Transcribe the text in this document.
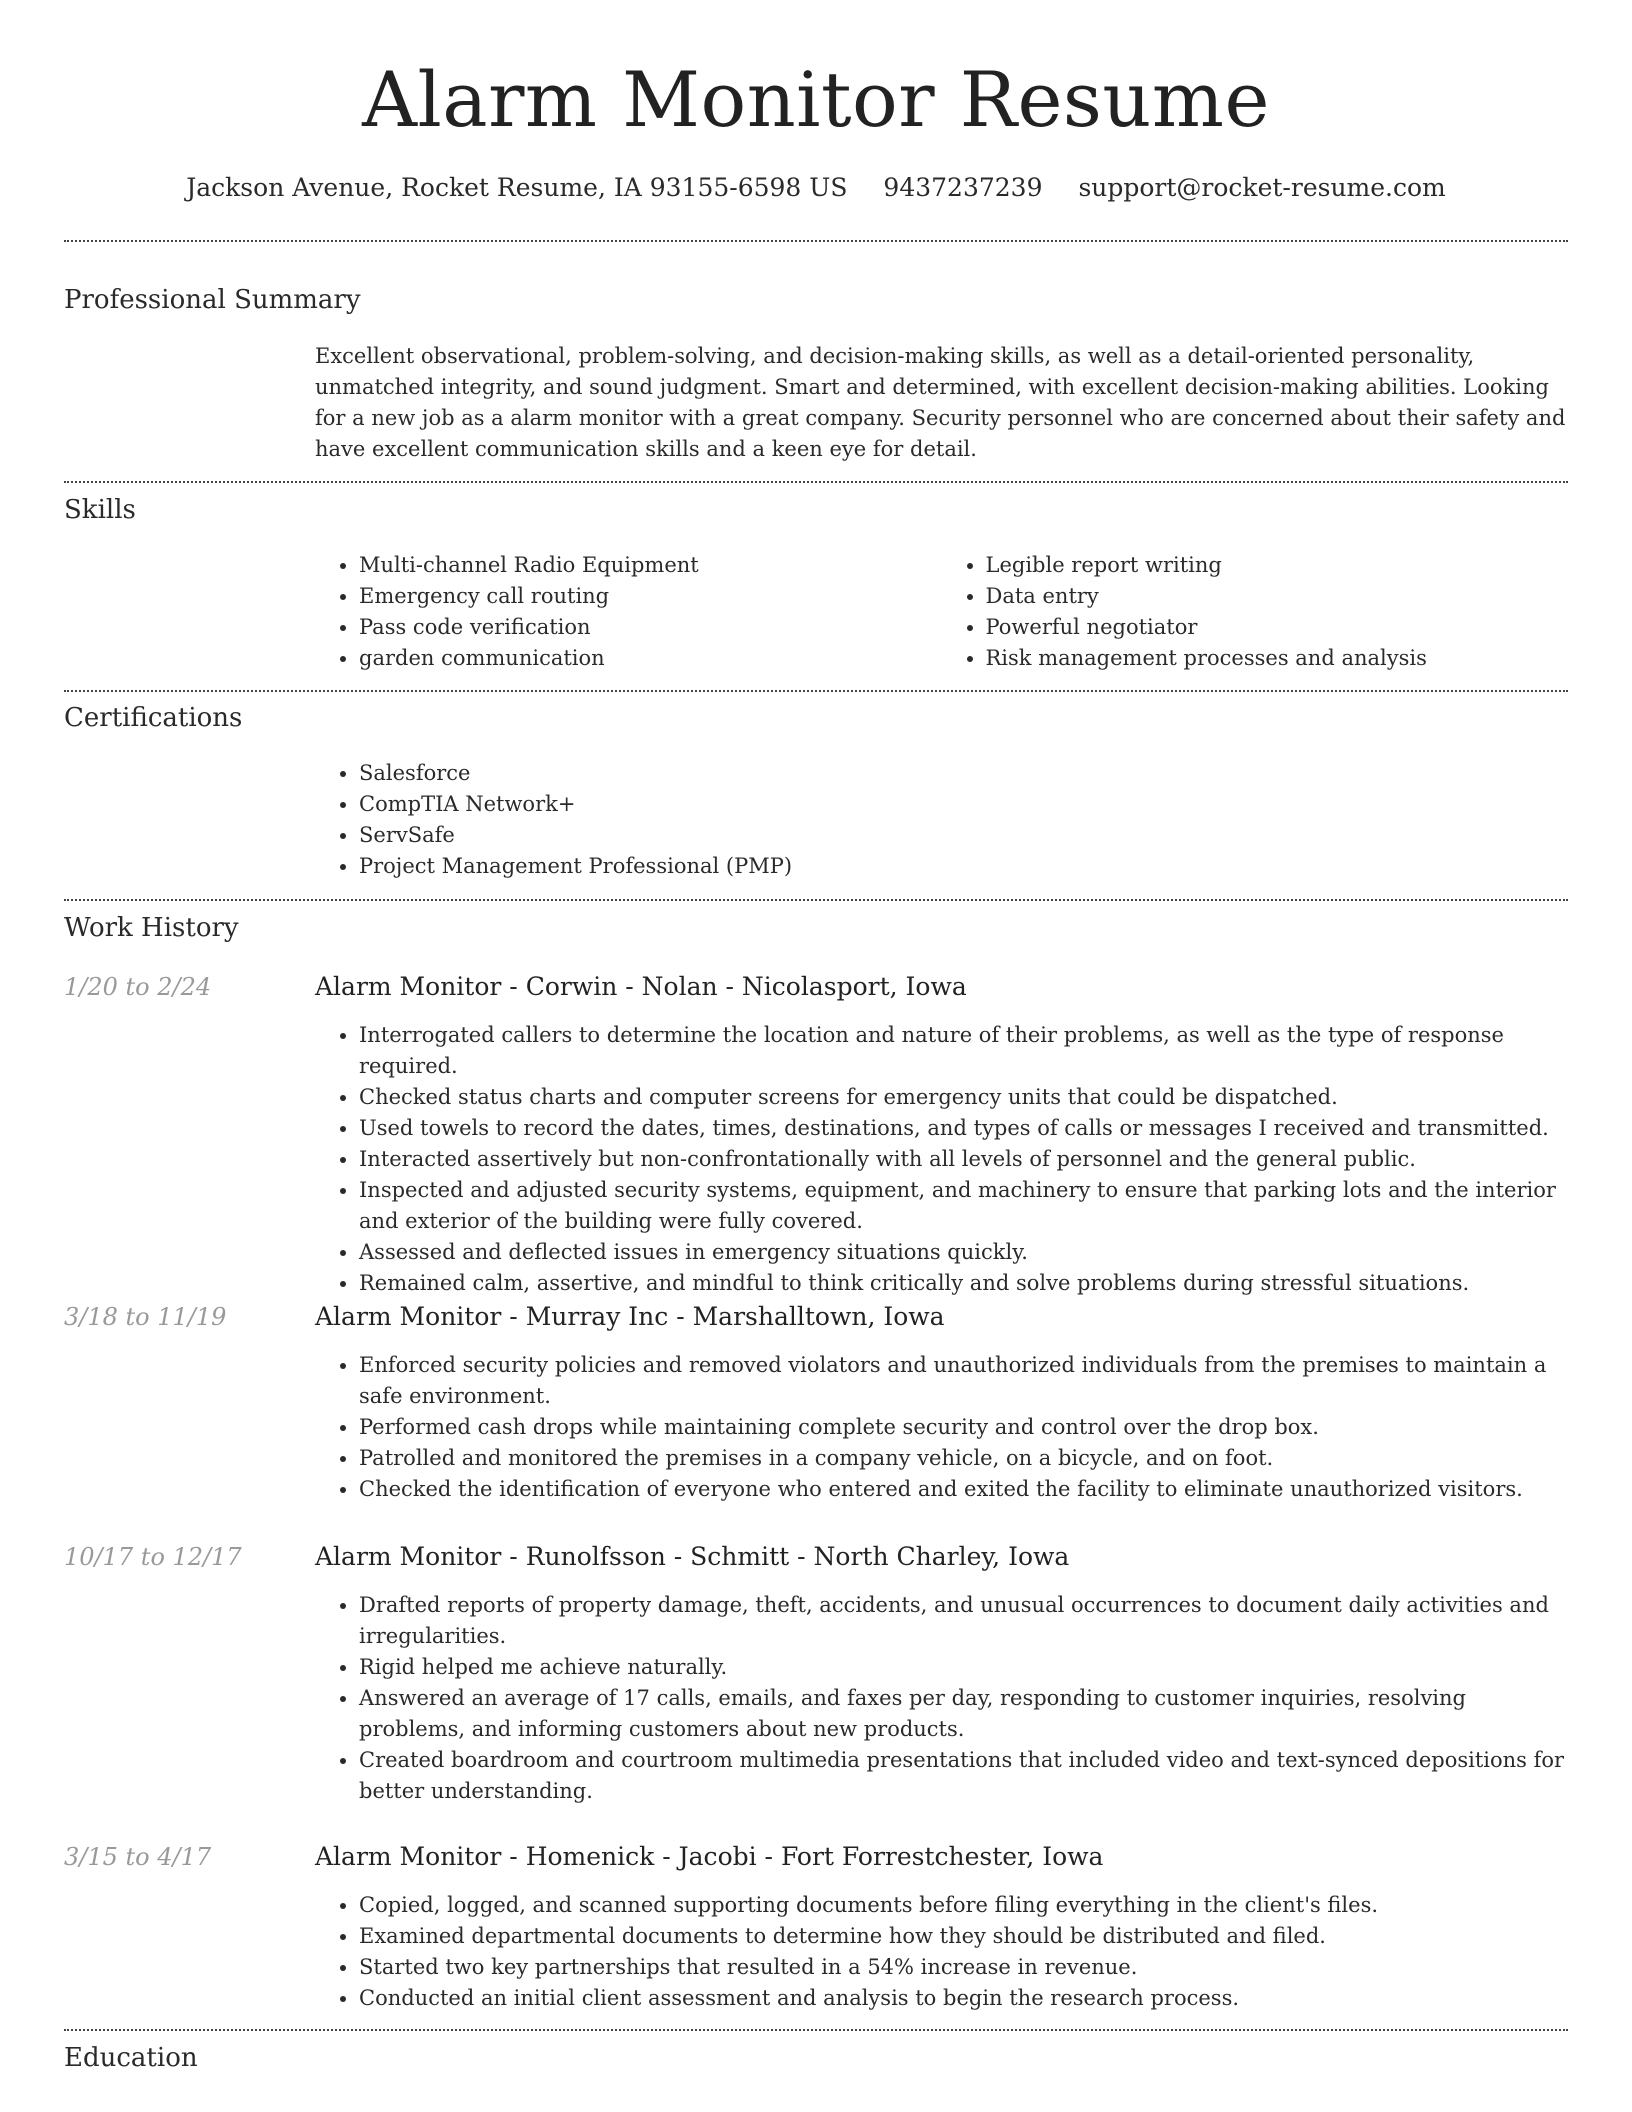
Alarm Monitor Resume
Jackson Avenue, Rocket Resume, IA 93155-6598 US 9437237239 support@rocket-resume.com
Professional Summary

Excellent observational, problem-solving, and decision-making skills, as well as a detail-oriented personality, unmatched integrity, and sound judgment. Smart and determined, with excellent decision-making abilities. Looking for a new job as a alarm monitor with a great company. Security personnel who are concerned about their safety and have excellent communication skills and a keen eye for detail.

Skills
• Multi-channel Radio Equipment
• Emergency call routing
• Pass code verification
• garden communication
• Legible report writing
• Data entry
• Powerful negotiator
• Risk management processes and analysis
Certifications
• Salesforce
• CompTIA Network+
• ServSafe
• Project Management Professional (PMP)
Work History
1/20 to 2/24	Alarm Monitor - Corwin - Nolan - Nicolasport, Iowa
• Interrogated callers to determine the location and nature of their problems, as well as the type of response required.
• Checked status charts and computer screens for emergency units that could be dispatched.
• Used towels to record the dates, times, destinations, and types of calls or messages I received and transmitted.
• Interacted assertively but non-confrontationally with all levels of personnel and the general public.
• Inspected and adjusted security systems, equipment, and machinery to ensure that parking lots and the interior and exterior of the building were fully covered.
• Assessed and deflected issues in emergency situations quickly.
• Remained calm, assertive, and mindful to think critically and solve problems during stressful situations.
3/18 to 11/19	Alarm Monitor - Murray Inc - Marshalltown, Iowa
• Enforced security policies and removed violators and unauthorized individuals from the premises to maintain a safe environment.
• Performed cash drops while maintaining complete security and control over the drop box.
• Patrolled and monitored the premises in a company vehicle, on a bicycle, and on foot.
• Checked the identification of everyone who entered and exited the facility to eliminate unauthorized visitors.
10/17 to 12/17	Alarm Monitor - Runolfsson - Schmitt - North Charley, Iowa
• Drafted reports of property damage, theft, accidents, and unusual occurrences to document daily activities and irregularities.
• Rigid helped me achieve naturally.
• Answered an average of 17 calls, emails, and faxes per day, responding to customer inquiries, resolving problems, and informing customers about new products.
• Created boardroom and courtroom multimedia presentations that included video and text-synced depositions for better understanding.
3/15 to 4/17	Alarm Monitor - Homenick - Jacobi - Fort Forrestchester, Iowa
• Copied, logged, and scanned supporting documents before filing everything in the client's files.
• Examined departmental documents to determine how they should be distributed and filed.
• Started two key partnerships that resulted in a 54% increase in revenue.
• Conducted an initial client assessment and analysis to begin the research process.
Education
